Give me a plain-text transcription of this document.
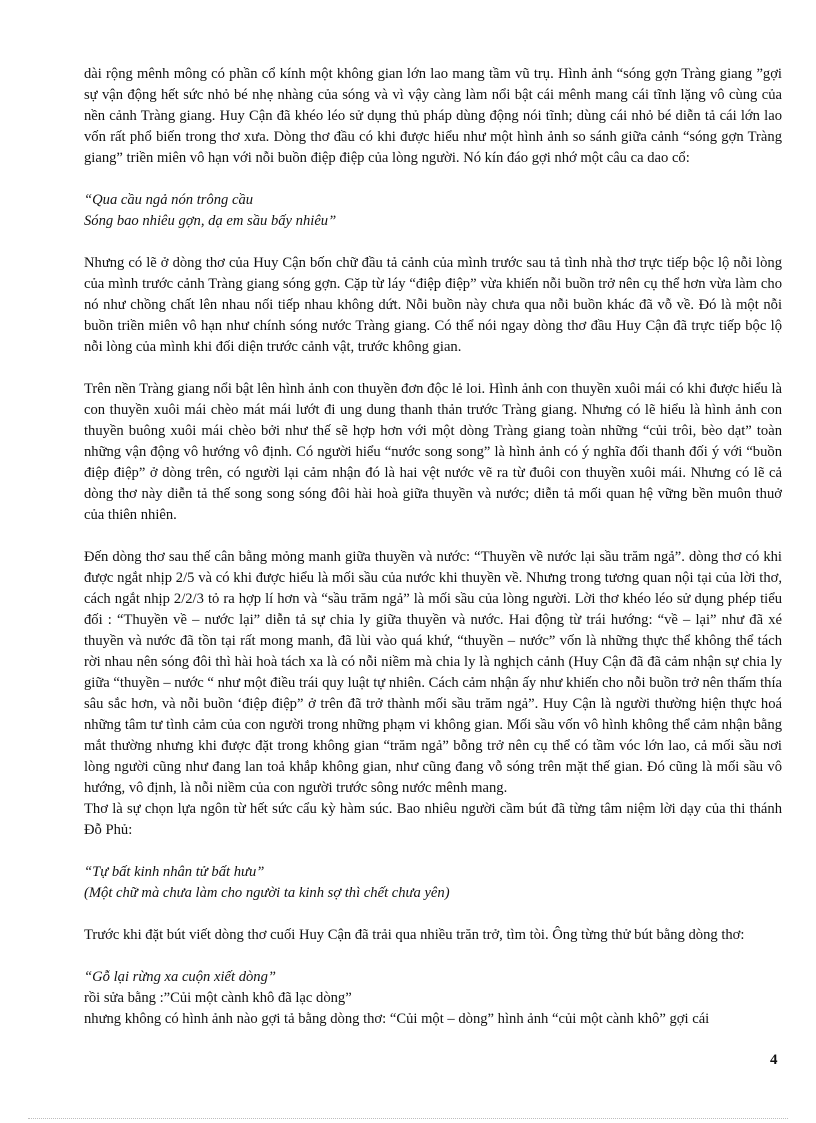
dài rộng mênh mông có phần cổ kính một không gian lớn lao mang tầm vũ trụ. Hình ảnh “sóng gợn Tràng giang ”gợi sự vận động hết sức nhỏ bé nhẹ nhàng của sóng và vì vậy càng làm nổi bật cái mênh mang cái tĩnh lặng vô cùng của nền cảnh Tràng giang. Huy Cận đã khéo léo sử dụng thủ pháp dùng động nói tĩnh; dùng cái nhỏ bé diễn tả cái lớn lao vốn rất phổ biến trong thơ xưa. Dòng thơ đầu có khi được hiểu như một hình ảnh so sánh giữa cảnh “sóng gợn Tràng giang” triền miên vô hạn với nỗi buồn điệp điệp của lòng người. Nó kín đáo gợi nhớ một câu ca dao cổ:

“Qua cầu ngả nón trông cầu

Sóng bao nhiêu gợn, dạ em sầu bấy nhiêu”

Nhưng có lẽ ở dòng thơ của Huy Cận bốn chữ đầu tả cảnh của mình trước sau tả tình nhà thơ trực tiếp bộc lộ nỗi lòng của mình trước cảnh Tràng giang sóng gợn. Cặp từ láy “điệp điệp” vừa khiến nỗi buồn trở nên cụ thể hơn vừa làm cho nó như chồng chất lên nhau nối tiếp nhau không dứt. Nỗi buồn này chưa qua nỗi buồn khác đã vỗ về. Đó là một nỗi buồn triền miên vô hạn như chính sóng nước Tràng giang. Có thể nói ngay dòng thơ đầu Huy Cận đã trực tiếp bộc lộ nỗi lòng của mình khi đối diện trước cảnh vật, trước không gian.

Trên nền Tràng giang nổi bật lên hình ảnh con thuyền đơn độc lẻ loi. Hình ảnh con thuyền xuôi mái có khi được hiểu là con thuyền xuôi mái chèo mát mái lướt đi ung dung thanh thản trước Tràng giang. Nhưng có lẽ hiểu là hình ảnh con thuyền buông xuôi mái chèo bởi như thế sẽ hợp hơn với một dòng Tràng giang toàn những “củi trôi, bèo dạt” toàn những vận động vô hướng vô định. Có người hiểu “nước song song” là hình ảnh có ý nghĩa đối thanh đối ý với “buồn điệp điệp” ở dòng trên, có người lại cảm nhận đó là hai vệt nước vẽ ra từ đuôi con thuyền xuôi mái. Nhưng có lẽ cả dòng thơ này diễn tả thế song song sóng đôi hài hoà giữa thuyền và nước; diễn tả mối quan hệ vững bền muôn thuở của thiên nhiên.

Đến dòng thơ sau thế cân bằng mỏng manh giữa thuyền và nước: “Thuyền về nước lại sầu trăm ngả”. dòng thơ có khi được ngắt nhịp 2/5 và có khi được hiểu là mối sầu của nước khi thuyền về. Nhưng trong tương quan nội tại của lời thơ, cách ngắt nhịp 2/2/3 tỏ ra hợp lí hơn và “sầu trăm ngả” là mối sầu của lòng người. Lời thơ khéo léo sử dụng phép tiểu đối : “Thuyền về – nước lại” diễn tả sự chia ly giữa thuyền và nước. Hai động từ trái hướng: “về – lại” như đã xé thuyền và nước đã tồn tại rất mong manh, đã lùi vào quá khứ, “thuyền – nước” vốn là những thực thể không thể tách rời nhau nên sóng đôi thì hài hoà tách xa là có nỗi niềm mà chia ly là nghịch cảnh (Huy Cận đã đã cảm nhận sự chia ly giữa “thuyền – nước “ như một điều trái quy luật tự nhiên. Cách cảm nhận ấy như khiến cho nỗi buồn trở nên thấm thía sâu sắc hơn, và nỗi buồn ‘điệp điệp” ở trên đã trở thành mối sầu trăm ngả”. Huy Cận là người thường hiện thực hoá những tâm tư tình cảm của con người trong những phạm vi không gian. Mối sầu vốn vô hình không thể cảm nhận bằng mắt thường nhưng khi được đặt trong không gian “trăm ngả” bỗng trở nên cụ thể có tầm vóc lớn lao, cả mối sầu nơi lòng người cũng như đang lan toả khắp không gian, như cũng đang vỗ sóng trên mặt thế gian. Đó cũng là mối sầu vô hướng, vô định, là nỗi niềm của con người trước sông nước mênh mang.

Thơ là sự chọn lựa ngôn từ hết sức cẩu kỳ hàm súc. Bao nhiêu người cầm bút đã từng tâm niệm lời dạy của thi thánh Đỗ Phủ:

“Tự bất kinh nhân tử bất hưu”

(Một chữ mà chưa làm cho người ta kinh sợ thì chết chưa yên)

Trước khi đặt bút viết dòng thơ cuối Huy Cận đã trải qua nhiều trăn trở, tìm tòi. Ông từng thử bút bằng dòng thơ:

“Gỗ lại rừng xa cuộn xiết dòng”

rồi sửa bằng :”Củi một cành khô đã lạc dòng”

nhưng không có hình ảnh nào gợi tả bằng dòng thơ: “Củi một – dòng” hình ảnh “củi một cành khô” gợi cái

4
